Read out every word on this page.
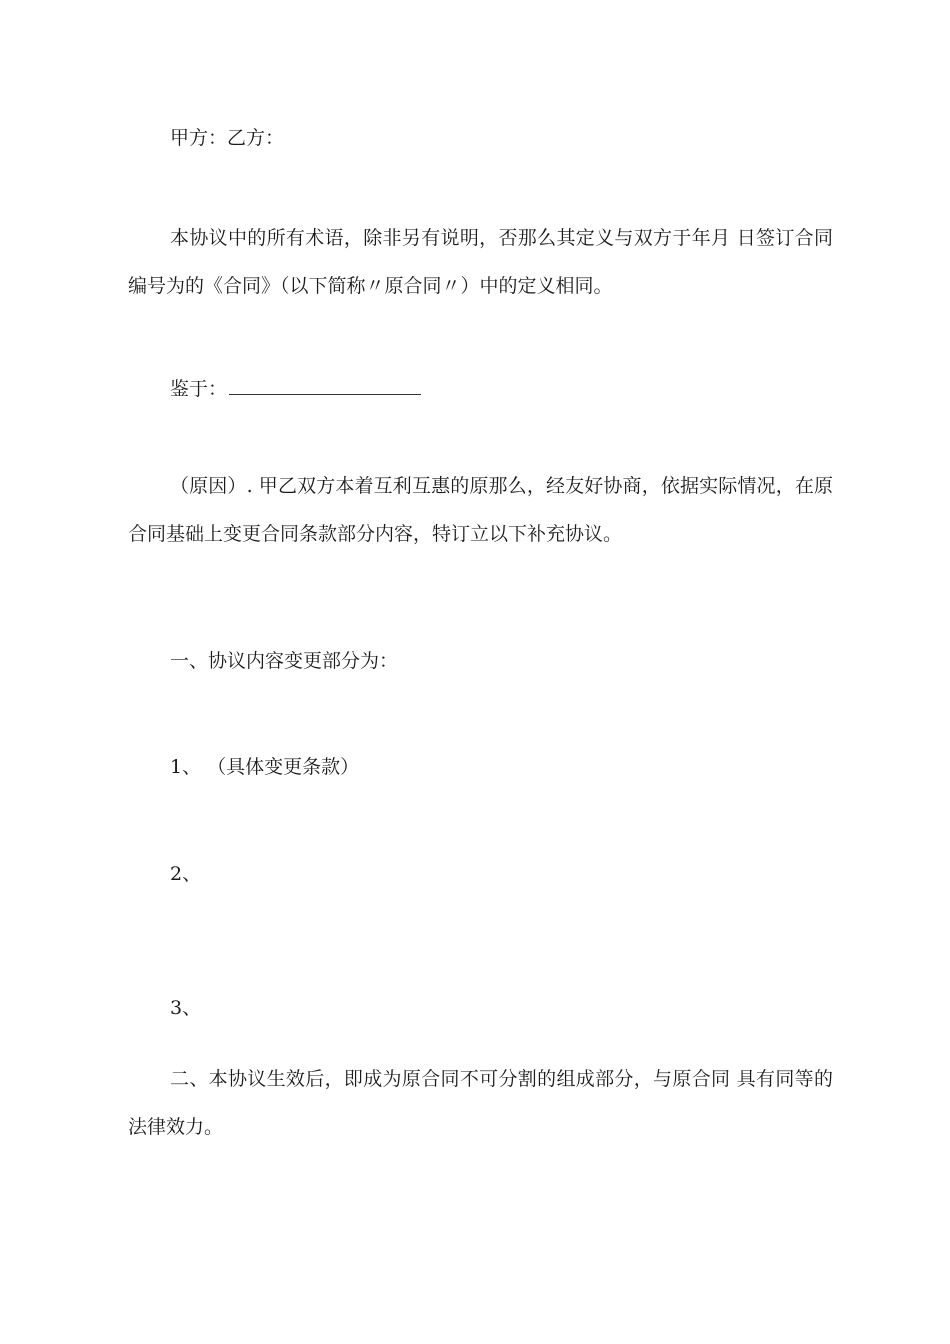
甲方：乙方：
本协议中的所有术语，除非另有说明，否那么其定义与双方于年月 日签订合同编号为的《合同》（以下简称〃原合同〃）中的定义相同。
鉴于：
（原因）. 甲乙双方本着互利互惠的原那么，经友好协商，依据实际情况，在原合同基础上变更合同条款部分内容，特订立以下补充协议。
一、协议内容变更部分为：
1、 （具体变更条款）
2、
3、
二、本协议生效后，即成为原合同不可分割的组成部分，与原合同 具有同等的法律效力。
